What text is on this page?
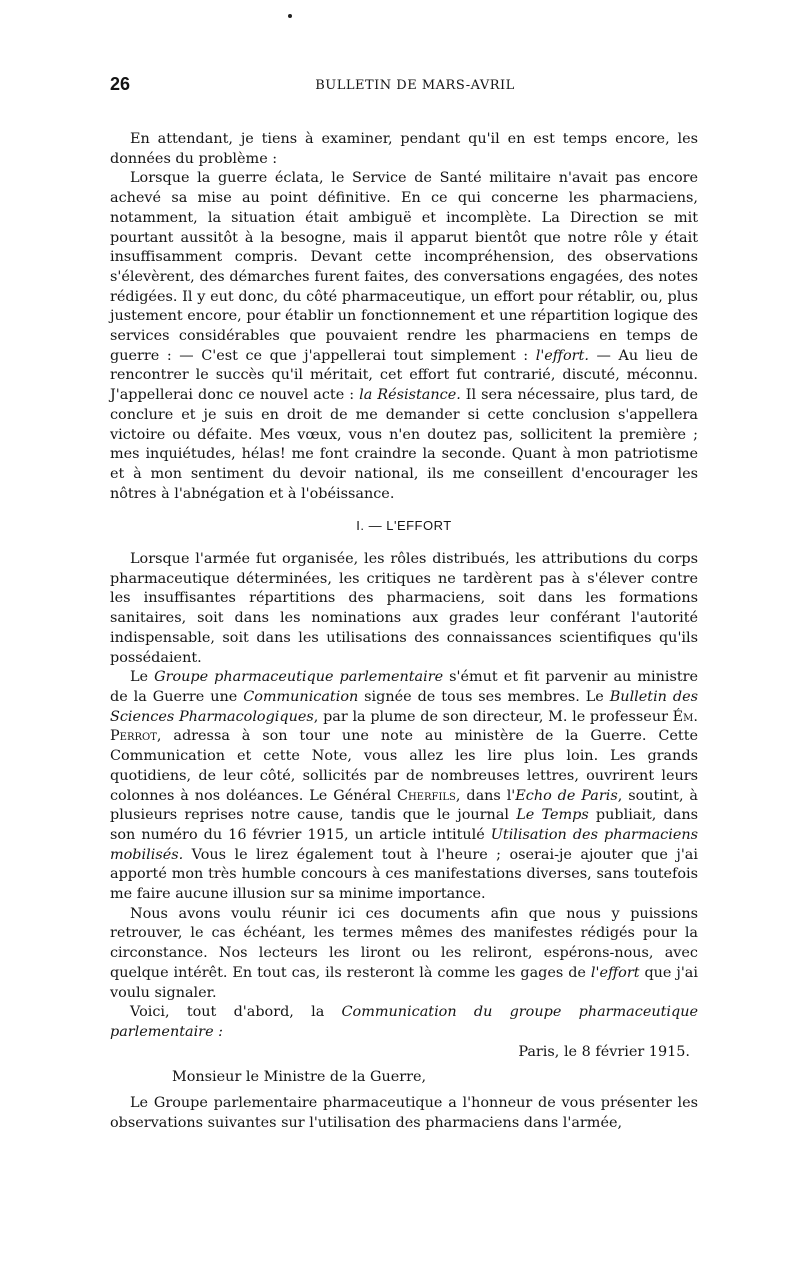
26	BULLETIN DE MARS-AVRIL

En attendant, je tiens à examiner, pendant qu'il en est temps encore, les données du problème :

Lorsque la guerre éclata, le Service de Santé militaire n'avait pas encore achevé sa mise au point définitive. En ce qui concerne les pharmaciens, notamment, la situation était ambiguë et incomplète. La Direction se mit pourtant aussitôt à la besogne, mais il apparut bientôt que notre rôle y était insuffisamment compris. Devant cette incompréhension, des observations s'élevèrent, des démarches furent faites, des conversations engagées, des notes rédigées. Il y eut donc, du côté pharmaceutique, un effort pour rétablir, ou, plus justement encore, pour établir un fonctionnement et une répartition logique des services considérables que pouvaient rendre les pharmaciens en temps de guerre : — C'est ce que j'appellerai tout simplement : l'effort. — Au lieu de rencontrer le succès qu'il méritait, cet effort fut contrarié, discuté, méconnu. J'appellerai donc ce nouvel acte : la Résistance. Il sera nécessaire, plus tard, de conclure et je suis en droit de me demander si cette conclusion s'appellera victoire ou défaite. Mes vœux, vous n'en doutez pas, sollicitent la première ; mes inquiétudes, hélas! me font craindre la seconde. Quant à mon patriotisme et à mon sentiment du devoir national, ils me conseillent d'encourager les nôtres à l'abnégation et à l'obéissance.

I. — L'EFFORT

Lorsque l'armée fut organisée, les rôles distribués, les attributions du corps pharmaceutique déterminées, les critiques ne tardèrent pas à s'élever contre les insuffisantes répartitions des pharmaciens, soit dans les formations sanitaires, soit dans les nominations aux grades leur conférant l'autorité indispensable, soit dans les utilisations des connaissances scientifiques qu'ils possédaient.

Le Groupe pharmaceutique parlementaire s'émut et fit parvenir au ministre de la Guerre une Communication signée de tous ses membres. Le Bulletin des Sciences Pharmacologiques, par la plume de son directeur, M. le professeur Ém. Perrot, adressa à son tour une note au ministère de la Guerre. Cette Communication et cette Note, vous allez les lire plus loin. Les grands quotidiens, de leur côté, sollicités par de nombreuses lettres, ouvrirent leurs colonnes à nos doléances. Le Général Cherfils, dans l'Echo de Paris, soutint, à plusieurs reprises notre cause, tandis que le journal Le Temps publiait, dans son numéro du 16 février 1915, un article intitulé Utilisation des pharmaciens mobilisés. Vous le lirez également tout à l'heure ; oserai-je ajouter que j'ai apporté mon très humble concours à ces manifestations diverses, sans toutefois me faire aucune illusion sur sa minime importance.

Nous avons voulu réunir ici ces documents afin que nous y puissions retrouver, le cas échéant, les termes mêmes des manifestes rédigés pour la circonstance. Nos lecteurs les liront ou les reliront, espérons-nous, avec quelque intérêt. En tout cas, ils resteront là comme les gages de l'effort que j'ai voulu signaler.

Voici, tout d'abord, la Communication du groupe pharmaceutique parlementaire :

Paris, le 8 février 1915.

Monsieur le Ministre de la Guerre,

Le Groupe parlementaire pharmaceutique a l'honneur de vous présenter les observations suivantes sur l'utilisation des pharmaciens dans l'armée,
